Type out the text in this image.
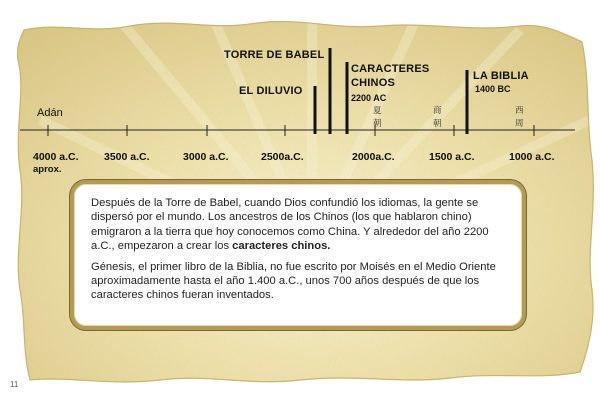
Adán
TORRE DE BABEL
EL DILUVIO
CARACTERES
CHINOS
2200 AC
LA BIBLIA
1400 BC
夏
朝
商
朝
西
周
4000 a.C.
aprox.
3500 a.C.	3000 a.C.	2500a.C.	2000a.C.	1500 a.C.	1000 a.C.

Después de la Torre de Babel, cuando Dios confundió los idiomas, la gente se dispersó por el mundo. Los ancestros de los Chinos (los que hablaron chino) emigraron a la tierra que hoy conocemos como China. Y alrededor del año 2200 a.C., empezaron a crear los caracteres chinos.

Génesis, el primer libro de la Biblia, no fue escrito por Moisés en el Medio Oriente aproximadamente hasta el año 1.400 a.C., unos 700 años después de que los caracteres chinos fueran inventados.

11
